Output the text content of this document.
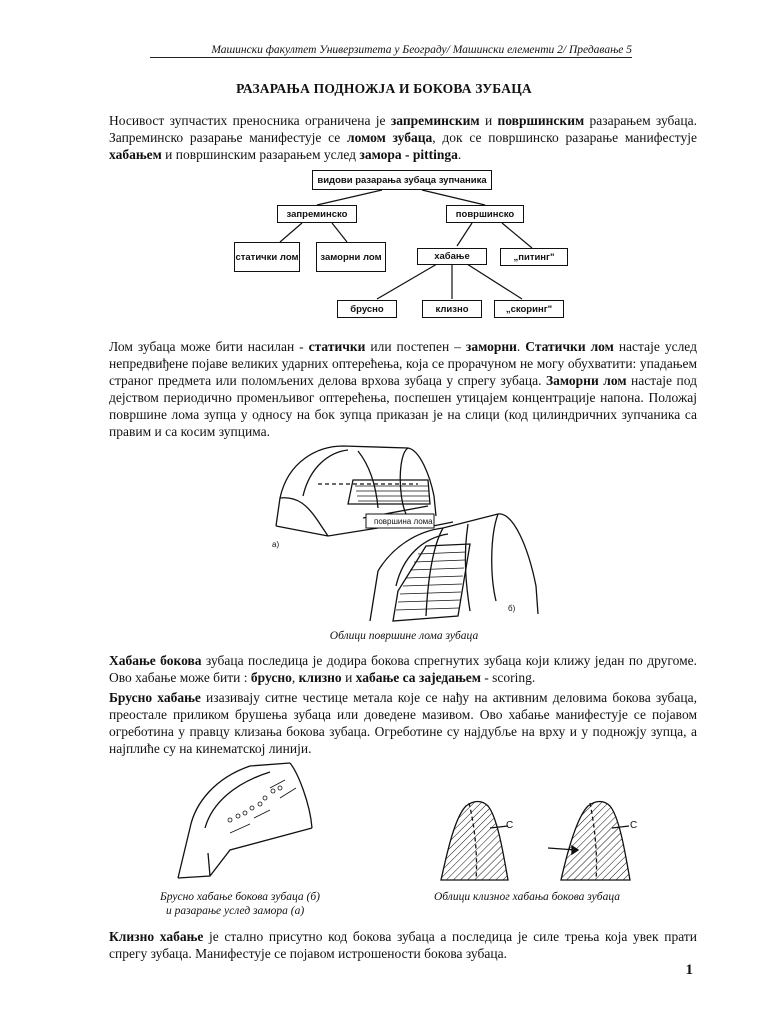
Машински факултет Универзитета у Београду/ Машински елементи 2/ Предавање 5
РАЗАРАЊА ПОДНОЖЈА И БОКОВА ЗУБАЦА
Носивост зупчастих преносника ограничена је запреминским и површинским разарањем зубаца. Запреминско разарање манифестује се ломом зубаца, док се површинско разарање манифестује хабањем и површинским разарањем услед замора - pittinga.
видови разарања зубаца зупчаника
запреминско	површинско
статички лом	заморни лом	хабање	„питинг"
брусно	клизно	„скоринг"
Лом зубаца може бити насилан - статички или постепен – заморни. Статички лом настаје услед непредвиђене појаве великих ударних оптерећења, која се прорачуном не могу обухватити: упадањем страног предмета или поломљених делова врхова зубаца у спрегу зубаца. Заморни лом настаје под дејством периодично променљивог оптерећења, поспешен утицајем концентрације напона. Положај површине лома зупца у односу на бок зупца приказан је на слици (код цилиндричних зупчаника са правим и са косим зупцима.
површина лома
а)
б)
Облици површине лома зубаца
Хабање бокова зубаца последица је додира бокова спрегнутих зубаца који клижу један по другоме. Ово хабање може бити : брусно, клизно и хабање са заједањем - scoring.
Брусно хабање изазивају ситне честице метала које се нађу на активним деловима бокова зубаца, преостале приликом брушења зубаца или доведене мазивом. Ово хабање манифестује се појавом огреботина у правцу клизања бокова зубаца. Огреботине су најдубље на врху и у подножју зупца, а најплиће су на кинематској линији.
Брусно хабање бокова зубаца (б)
и разарање услед замора (а)
C	C
Облици клизног хабања бокова зубаца
Клизно хабање је стално присутно код бокова зубаца а последица је силе трења која увек прати спрегу зубаца. Манифестује се појавом истрошености бокова зубаца.
1
